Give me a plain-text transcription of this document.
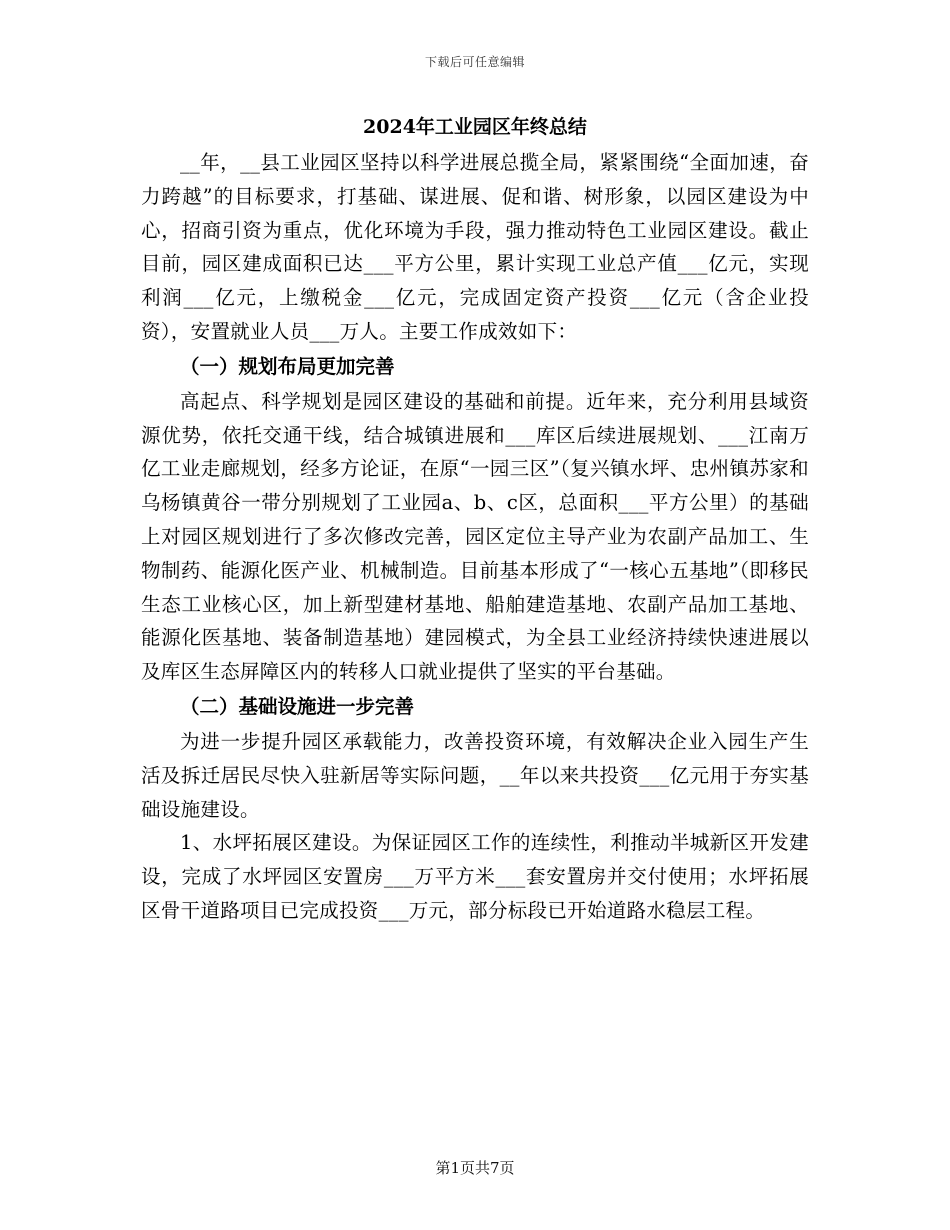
下载后可任意编辑
2024年工业园区年终总结

__年，__县工业园区坚持以科学进展总揽全局，紧紧围绕“全面加速，奋力跨越”的目标要求，打基础、谋进展、促和谐、树形象，以园区建设为中心，招商引资为重点，优化环境为手段，强力推动特色工业园区建设。截止目前，园区建成面积已达___平方公里，累计实现工业总产值___亿元，实现利润___亿元，上缴税金___亿元，完成固定资产投资___亿元（含企业投资），安置就业人员___万人。主要工作成效如下：

（一）规划布局更加完善

高起点、科学规划是园区建设的基础和前提。近年来，充分利用县域资源优势，依托交通干线，结合城镇进展和___库区后续进展规划、___江南万亿工业走廊规划，经多方论证，在原“一园三区”（复兴镇水坪、忠州镇苏家和乌杨镇黄谷一带分别规划了工业园a、b、c区，总面积___平方公里）的基础上对园区规划进行了多次修改完善，园区定位主导产业为农副产品加工、生物制药、能源化医产业、机械制造。目前基本形成了“一核心五基地”（即移民生态工业核心区，加上新型建材基地、船舶建造基地、农副产品加工基地、能源化医基地、装备制造基地）建园模式，为全县工业经济持续快速进展以及库区生态屏障区内的转移人口就业提供了坚实的平台基础。

（二）基础设施进一步完善

为进一步提升园区承载能力，改善投资环境，有效解决企业入园生产生活及拆迁居民尽快入驻新居等实际问题，__年以来共投资___亿元用于夯实基础设施建设。

1、水坪拓展区建设。为保证园区工作的连续性，利推动半城新区开发建设，完成了水坪园区安置房___万平方米___套安置房并交付使用；水坪拓展区骨干道路项目已完成投资___万元，部分标段已开始道路水稳层工程。

第1页共7页
